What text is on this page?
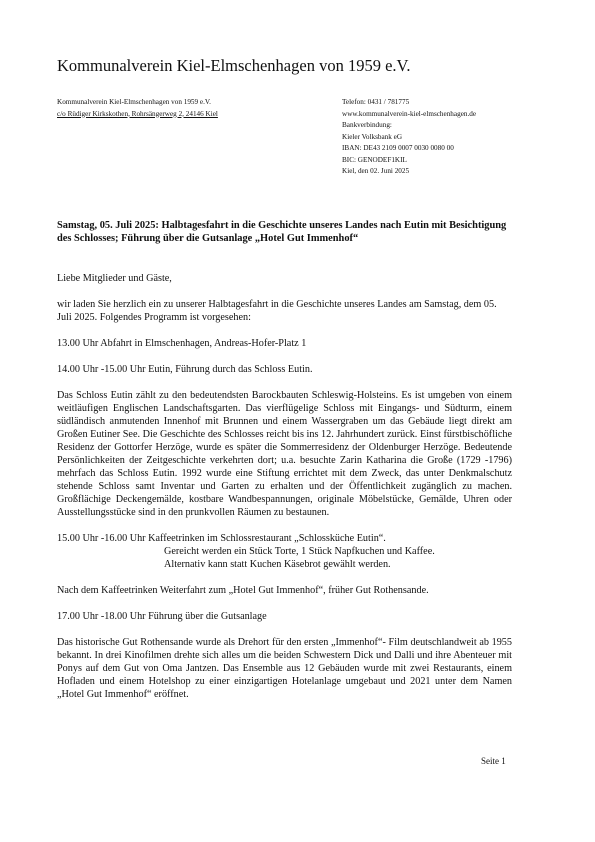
Kommunalverein Kiel-Elmschenhagen von 1959 e.V.
Kommunalverein Kiel-Elmschenhagen von 1959 e.V.
c/o Rüdiger Kirkskothen, Rohrsängerweg 2, 24146 Kiel
Telefon: 0431 / 781775
www.kommunalverein-kiel-elmschenhagen.de
Bankverbindung:
Kieler Volksbank eG
IBAN: DE43 2109 0007 0030 0080 00
BIC: GENODEF1KIL
Kiel, den 02. Juni 2025
Samstag, 05. Juli 2025: Halbtagesfahrt in die Geschichte unseres Landes nach Eutin mit Besichtigung des Schlosses; Führung über die Gutsanlage „Hotel Gut Immenhof“

Liebe Mitglieder und Gäste,

wir laden Sie herzlich ein zu unserer Halbtagesfahrt in die Geschichte unseres Landes am Samstag, dem 05. Juli 2025. Folgendes Programm ist vorgesehen:

13.00 Uhr Abfahrt in Elmschenhagen, Andreas-Hofer-Platz 1

14.00 Uhr -15.00 Uhr Eutin, Führung durch das Schloss Eutin.

Das Schloss Eutin zählt zu den bedeutendsten Barockbauten Schleswig-Holsteins. Es ist umgeben von einem weitläufigen Englischen Landschaftsgarten. Das vierflügelige Schloss mit Eingangs- und Südturm, einem südländisch anmutenden Innenhof mit Brunnen und einem Wassergraben um das Gebäude liegt direkt am Großen Eutiner See. Die Geschichte des Schlosses reicht bis ins 12. Jahrhundert zurück. Einst fürstbischöfliche Residenz der Gottorfer Herzöge, wurde es später die Sommerresidenz der Oldenburger Herzöge. Bedeutende Persönlichkeiten der Zeitgeschichte verkehrten dort; u.a. besuchte Zarin Katharina die Große (1729 -1796) mehrfach das Schloss Eutin. 1992 wurde eine Stiftung errichtet mit dem Zweck, das unter Denkmalschutz stehende Schloss samt Inventar und Garten zu erhalten und der Öffentlichkeit zugänglich zu machen. Großflächige Deckengemälde, kostbare Wandbespannungen, originale Möbelstücke, Gemälde, Uhren oder Ausstellungsstücke sind in den prunkvollen Räumen zu bestaunen.

15.00 Uhr -16.00 Uhr Kaffeetrinken im Schlossrestaurant „Schlossküche Eutin“.
Gereicht werden ein Stück Torte, 1 Stück Napfkuchen und Kaffee.
Alternativ kann statt Kuchen Käsebrot gewählt werden.

Nach dem Kaffeetrinken Weiterfahrt zum „Hotel Gut Immenhof“, früher Gut Rothensande.

17.00 Uhr -18.00 Uhr Führung über die Gutsanlage

Das historische Gut Rothensande wurde als Drehort für den ersten „Immenhof“- Film deutschlandweit ab 1955 bekannt. In drei Kinofilmen drehte sich alles um die beiden Schwestern Dick und Dalli und ihre Abenteuer mit Ponys auf dem Gut von Oma Jantzen. Das Ensemble aus 12 Gebäuden wurde mit zwei Restaurants, einem Hofladen und einem Hotelshop zu einer einzigartigen Hotelanlage umgebaut und 2021 unter dem Namen „Hotel Gut Immenhof“ eröffnet.

Seite 1
